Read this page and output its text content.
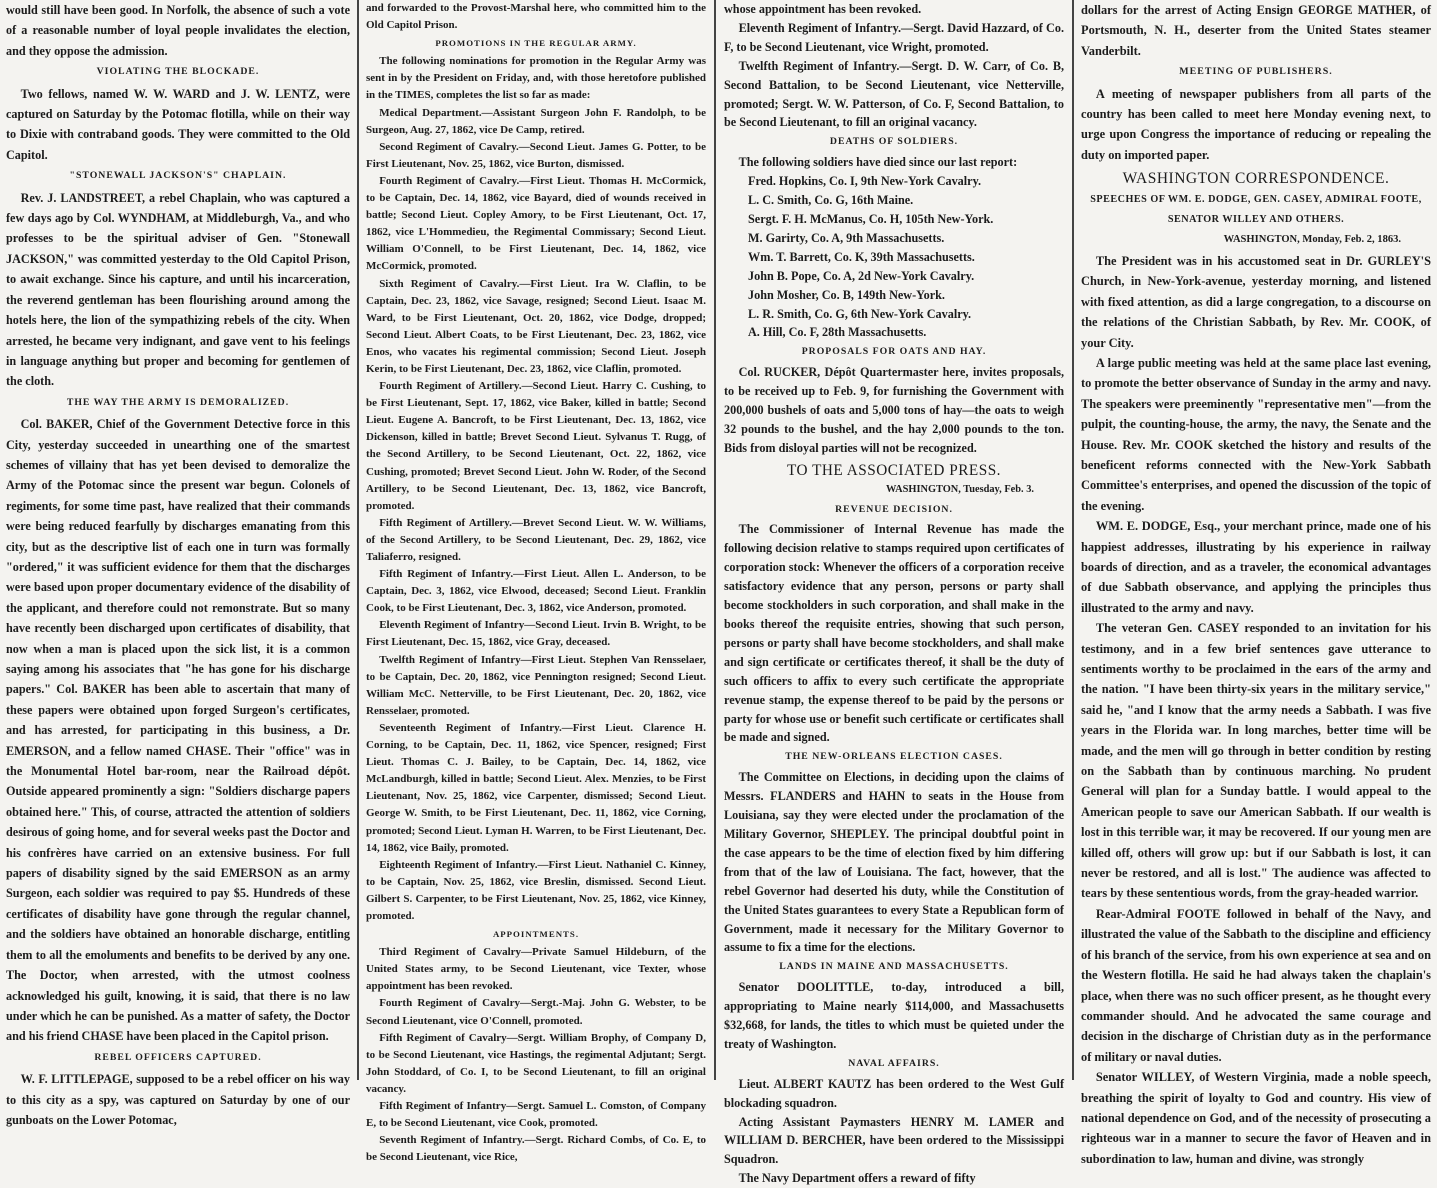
would still have been good. In Norfolk, the absence of such a vote of a reasonable number of loyal people invalidates the election, and they oppose the admission.

VIOLATING THE BLOCKADE.

Two fellows, named W. W. WARD and J. W. LENTZ, were captured on Saturday by the Potomac flotilla, while on their way to Dixie with contraband goods. They were committed to the Old Capitol.

"STONEWALL JACKSON'S" CHAPLAIN.

Rev. J. LANDSTREET, a rebel Chaplain, who was captured a few days ago by Col. WYNDHAM, at Middleburgh, Va., and who professes to be the spiritual adviser of Gen. "Stonewall JACKSON," was committed yesterday to the Old Capitol Prison, to await exchange. Since his capture, and until his incarceration, the reverend gentleman has been flourishing around among the hotels here, the lion of the sympathizing rebels of the city. When arrested, he became very indignant, and gave vent to his feelings in language anything but proper and becoming for gentlemen of the cloth.

THE WAY THE ARMY IS DEMORALIZED.

Col. BAKER, Chief of the Government Detective force in this City, yesterday succeeded in unearthing one of the smartest schemes of villainy that has yet been devised to demoralize the Army of the Potomac since the present war begun. Colonels of regiments, for some time past, have realized that their commands were being reduced fearfully by discharges emanating from this city, but as the descriptive list of each one in turn was formally "ordered," it was sufficient evidence for them that the discharges were based upon proper documentary evidence of the disability of the applicant, and therefore could not remonstrate. But so many have recently been discharged upon certificates of disability, that now when a man is placed upon the sick list, it is a common saying among his associates that "he has gone for his discharge papers." Col. BAKER has been able to ascertain that many of these papers were obtained upon forged Surgeon's certificates, and has arrested, for participating in this business, a Dr. EMERSON, and a fellow named CHASE. Their "office" was in the Monumental Hotel bar-room, near the Railroad dépôt. Outside appeared prominently a sign: "Soldiers discharge papers obtained here." This, of course, attracted the attention of soldiers desirous of going home, and for several weeks past the Doctor and his confrères have carried on an extensive business. For full papers of disability signed by the said EMERSON as an army Surgeon, each soldier was required to pay $5. Hundreds of these certificates of disability have gone through the regular channel, and the soldiers have obtained an honorable discharge, entitling them to all the emoluments and benefits to be derived by any one. The Doctor, when arrested, with the utmost coolness acknowledged his guilt, knowing, it is said, that there is no law under which he can be punished. As a matter of safety, the Doctor and his friend CHASE have been placed in the Capitol prison.

REBEL OFFICERS CAPTURED.

W. F. LITTLEPAGE, supposed to be a rebel officer on his way to this city as a spy, was captured on Saturday by one of our gunboats on the Lower Potomac,

and forwarded to the Provost-Marshal here, who committed him to the Old Capitol Prison.

PROMOTIONS IN THE REGULAR ARMY.

The following nominations for promotion in the Regular Army was sent in by the President on Friday, and, with those heretofore published in the TIMES, completes the list so far as made:

Medical Department.—Assistant Surgeon John F. Randolph, to be Surgeon, Aug. 27, 1862, vice De Camp, retired.

Second Regiment of Cavalry.—Second Lieut. James G. Potter, to be First Lieutenant, Nov. 25, 1862, vice Burton, dismissed.

Fourth Regiment of Cavalry.—First Lieut. Thomas H. McCormick, to be Captain, Dec. 14, 1862, vice Bayard, died of wounds received in battle; Second Lieut. Copley Amory, to be First Lieutenant, Oct. 17, 1862, vice L'Hommedieu, the Regimental Commissary; Second Lieut. William O'Connell, to be First Lieutenant, Dec. 14, 1862, vice McCormick, promoted.

Sixth Regiment of Cavalry.—First Lieut. Ira W. Claflin, to be Captain, Dec. 23, 1862, vice Savage, resigned; Second Lieut. Isaac M. Ward, to be First Lieutenant, Oct. 20, 1862, vice Dodge, dropped; Second Lieut. Albert Coats, to be First Lieutenant, Dec. 23, 1862, vice Enos, who vacates his regimental commission; Second Lieut. Joseph Kerin, to be First Lieutenant, Dec. 23, 1862, vice Claflin, promoted.

Fourth Regiment of Artillery.—Second Lieut. Harry C. Cushing, to be First Lieutenant, Sept. 17, 1862, vice Baker, killed in battle; Second Lieut. Eugene A. Bancroft, to be First Lieutenant, Dec. 13, 1862, vice Dickenson, killed in battle; Brevet Second Lieut. Sylvanus T. Rugg, of the Second Artillery, to be Second Lieutenant, Oct. 22, 1862, vice Cushing, promoted; Brevet Second Lieut. John W. Roder, of the Second Artillery, to be Second Lieutenant, Dec. 13, 1862, vice Bancroft, promoted.

Fifth Regiment of Artillery.—Brevet Second Lieut. W. W. Williams, of the Second Artillery, to be Second Lieutenant, Dec. 29, 1862, vice Taliaferro, resigned.

Fifth Regiment of Infantry.—First Lieut. Allen L. Anderson, to be Captain, Dec. 3, 1862, vice Elwood, deceased; Second Lieut. Franklin Cook, to be First Lieutenant, Dec. 3, 1862, vice Anderson, promoted.

Eleventh Regiment of Infantry—Second Lieut. Irvin B. Wright, to be First Lieutenant, Dec. 15, 1862, vice Gray, deceased.

Twelfth Regiment of Infantry—First Lieut. Stephen Van Rensselaer, to be Captain, Dec. 20, 1862, vice Pennington resigned; Second Lieut. William McC. Netterville, to be First Lieutenant, Dec. 20, 1862, vice Rensselaer, promoted.

Seventeenth Regiment of Infantry.—First Lieut. Clarence H. Corning, to be Captain, Dec. 11, 1862, vice Spencer, resigned; First Lieut. Thomas C. J. Bailey, to be Captain, Dec. 14, 1862, vice McLandburgh, killed in battle; Second Lieut. Alex. Menzies, to be First Lieutenant, Nov. 25, 1862, vice Carpenter, dismissed; Second Lieut. George W. Smith, to be First Lieutenant, Dec. 11, 1862, vice Corning, promoted; Second Lieut. Lyman H. Warren, to be First Lieutenant, Dec. 14, 1862, vice Baily, promoted.

Eighteenth Regiment of Infantry.—First Lieut. Nathaniel C. Kinney, to be Captain, Nov. 25, 1862, vice Breslin, dismissed. Second Lieut. Gilbert S. Carpenter, to be First Lieutenant, Nov. 25, 1862, vice Kinney, promoted.

APPOINTMENTS.

Third Regiment of Cavalry—Private Samuel Hildeburn, of the United States army, to be Second Lieutenant, vice Texter, whose appointment has been revoked.

Fourth Regiment of Cavalry—Sergt.-Maj. John G. Webster, to be Second Lieutenant, vice O'Connell, promoted.

Fifth Regiment of Cavalry—Sergt. William Brophy, of Company D, to be Second Lieutenant, vice Hastings, the regimental Adjutant; Sergt. John Stoddard, of Co. I, to be Second Lieutenant, to fill an original vacancy.

Fifth Regiment of Infantry—Sergt. Samuel L. Comston, of Company E, to be Second Lieutenant, vice Cook, promoted.

Seventh Regiment of Infantry.—Sergt. Richard Combs, of Co. E, to be Second Lieutenant, vice Rice,

whose appointment has been revoked.

Eleventh Regiment of Infantry.—Sergt. David Hazzard, of Co. F, to be Second Lieutenant, vice Wright, promoted.

Twelfth Regiment of Infantry.—Sergt. D. W. Carr, of Co. B, Second Battalion, to be Second Lieutenant, vice Netterville, promoted; Sergt. W. W. Patterson, of Co. F, Second Battalion, to be Second Lieutenant, to fill an original vacancy.

DEATHS OF SOLDIERS.

The following soldiers have died since our last report:

Fred. Hopkins, Co. I, 9th New-York Cavalry.
L. C. Smith, Co. G, 16th Maine.
Sergt. F. H. McManus, Co. H, 105th New-York.
M. Garirty, Co. A, 9th Massachusetts.
Wm. T. Barrett, Co. K, 39th Massachusetts.
John B. Pope, Co. A, 2d New-York Cavalry.
John Mosher, Co. B, 149th New-York.
L. R. Smith, Co. G, 6th New-York Cavalry.
A. Hill, Co. F, 28th Massachusetts.
PROPOSALS FOR OATS AND HAY.

Col. RUCKER, Dépôt Quartermaster here, invites proposals, to be received up to Feb. 9, for furnishing the Government with 200,000 bushels of oats and 5,000 tons of hay—the oats to weigh 32 pounds to the bushel, and the hay 2,000 pounds to the ton. Bids from disloyal parties will not be recognized.

TO THE ASSOCIATED PRESS.
WASHINGTON, Tuesday, Feb. 3.
REVENUE DECISION.

The Commissioner of Internal Revenue has made the following decision relative to stamps required upon certificates of corporation stock: Whenever the officers of a corporation receive satisfactory evidence that any person, persons or party shall become stockholders in such corporation, and shall make in the books thereof the requisite entries, showing that such person, persons or party shall have become stockholders, and shall make and sign certificate or certificates thereof, it shall be the duty of such officers to affix to every such certificate the appropriate revenue stamp, the expense thereof to be paid by the persons or party for whose use or benefit such certificate or certificates shall be made and signed.

THE NEW-ORLEANS ELECTION CASES.

The Committee on Elections, in deciding upon the claims of Messrs. FLANDERS and HAHN to seats in the House from Louisiana, say they were elected under the proclamation of the Military Governor, SHEPLEY. The principal doubtful point in the case appears to be the time of election fixed by him differing from that of the law of Louisiana. The fact, however, that the rebel Governor had deserted his duty, while the Constitution of the United States guarantees to every State a Republican form of Government, made it necessary for the Military Governor to assume to fix a time for the elections.

LANDS IN MAINE AND MASSACHUSETTS.

Senator DOOLITTLE, to-day, introduced a bill, appropriating to Maine nearly $114,000, and Massachusetts $32,668, for lands, the titles to which must be quieted under the treaty of Washington.

NAVAL AFFAIRS.

Lieut. ALBERT KAUTZ has been ordered to the West Gulf blockading squadron.

Acting Assistant Paymasters HENRY M. LAMER and WILLIAM D. BERCHER, have been ordered to the Mississippi Squadron.

The Navy Department offers a reward of fifty

dollars for the arrest of Acting Ensign GEORGE MATHER, of Portsmouth, N. H., deserter from the United States steamer Vanderbilt.

MEETING OF PUBLISHERS.

A meeting of newspaper publishers from all parts of the country has been called to meet here Monday evening next, to urge upon Congress the importance of reducing or repealing the duty on imported paper.

WASHINGTON CORRESPONDENCE.
SPEECHES OF WM. E. DODGE, GEN. CASEY, ADMIRAL FOOTE, SENATOR WILLEY AND OTHERS.
WASHINGTON, Monday, Feb. 2, 1863.

The President was in his accustomed seat in Dr. GURLEY'S Church, in New-York-avenue, yesterday morning, and listened with fixed attention, as did a large congregation, to a discourse on the relations of the Christian Sabbath, by Rev. Mr. COOK, of your City.

A large public meeting was held at the same place last evening, to promote the better observance of Sunday in the army and navy. The speakers were preeminently "representative men"—from the pulpit, the counting-house, the army, the navy, the Senate and the House. Rev. Mr. COOK sketched the history and results of the beneficent reforms connected with the New-York Sabbath Committee's enterprises, and opened the discussion of the topic of the evening.

WM. E. DODGE, Esq., your merchant prince, made one of his happiest addresses, illustrating by his experience in railway boards of direction, and as a traveler, the economical advantages of due Sabbath observance, and applying the principles thus illustrated to the army and navy.

The veteran Gen. CASEY responded to an invitation for his testimony, and in a few brief sentences gave utterance to sentiments worthy to be proclaimed in the ears of the army and the nation. "I have been thirty-six years in the military service," said he, "and I know that the army needs a Sabbath. I was five years in the Florida war. In long marches, better time will be made, and the men will go through in better condition by resting on the Sabbath than by continuous marching. No prudent General will plan for a Sunday battle. I would appeal to the American people to save our American Sabbath. If our wealth is lost in this terrible war, it may be recovered. If our young men are killed off, others will grow up: but if our Sabbath is lost, it can never be restored, and all is lost." The audience was affected to tears by these sententious words, from the gray-headed warrior.

Rear-Admiral FOOTE followed in behalf of the Navy, and illustrated the value of the Sabbath to the discipline and efficiency of his branch of the service, from his own experience at sea and on the Western flotilla. He said he had always taken the chaplain's place, when there was no such officer present, as he thought every commander should. And he advocated the same courage and decision in the discharge of Christian duty as in the performance of military or naval duties.

Senator WILLEY, of Western Virginia, made a noble speech, breathing the spirit of loyalty to God and country. His view of national dependence on God, and of the necessity of prosecuting a righteous war in a manner to secure the favor of Heaven and in subordination to law, human and divine, was strongly
